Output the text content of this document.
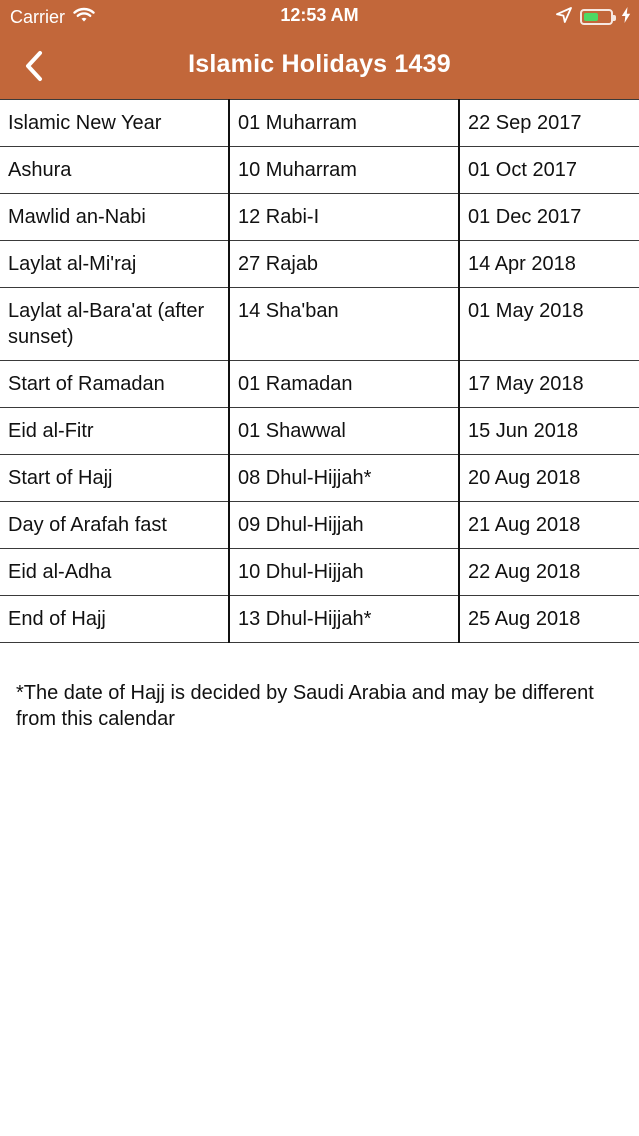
Carrier	12:53 AM
Islamic Holidays 1439
Islamic New Year	01 Muharram	22 Sep 2017
Ashura	10 Muharram	01 Oct 2017
Mawlid an-Nabi	12 Rabi-I	01 Dec 2017
Laylat al-Mi'raj	27 Rajab	14 Apr 2018
Laylat al-Bara'at (after sunset)	14 Sha'ban	01 May 2018
Start of Ramadan	01 Ramadan	17 May 2018
Eid al-Fitr	01 Shawwal	15 Jun 2018
Start of Hajj	08 Dhul-Hijjah*	20 Aug 2018
Day of Arafah fast	09 Dhul-Hijjah	21 Aug 2018
Eid al-Adha	10 Dhul-Hijjah	22 Aug 2018
End of Hajj	13 Dhul-Hijjah*	25 Aug 2018
*The date of Hajj is decided by Saudi Arabia and may be different from this calendar
